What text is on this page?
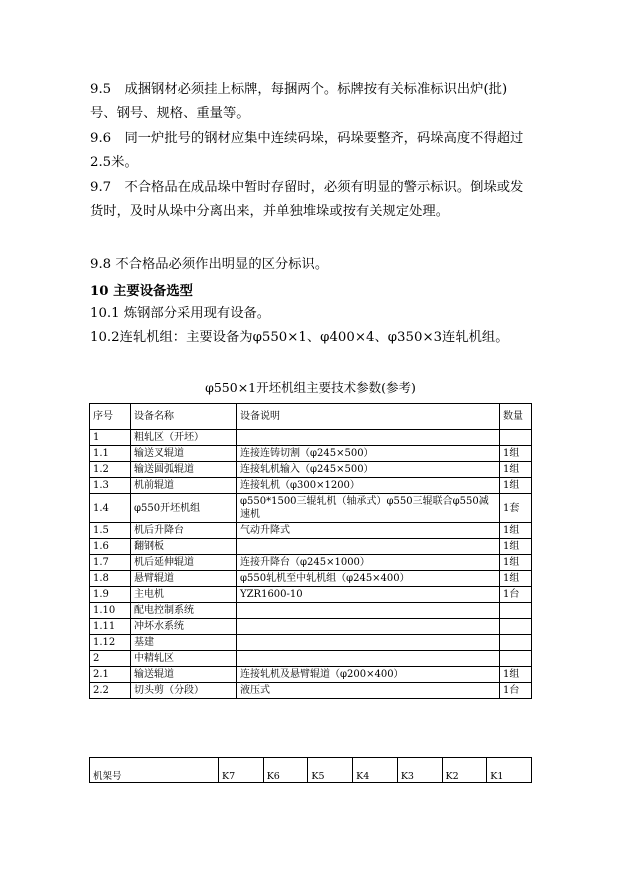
9.5　成捆钢材必须挂上标牌，每捆两个。标牌按有关标准标识出炉(批)号、钢号、规格、重量等。
9.6　同一炉批号的钢材应集中连续码垛，码垛要整齐，码垛高度不得超过2.5米。
9.7　不合格品在成品垛中暂时存留时，必须有明显的警示标识。倒垛或发货时，及时从垛中分离出来，并单独堆垛或按有关规定处理。
9.8 不合格品必须作出明显的区分标识。
10 主要设备选型
10.1 炼钢部分采用现有设备。
10.2连轧机组：主要设备为φ550×1、φ400×4、φ350×3连轧机组。
φ550×1开坯机组主要技术参数(参考)
序号	设备名称	设备说明	数量
1	粗轧区（开坯）		
1.1	输送叉辊道	连接连铸切割（φ245×500）	1组
1.2	输送圆弧辊道	连接轧机输入（φ245×500）	1组
1.3	机前辊道	连接轧机（φ300×1200）	1组
1.4	φ550开坯机组	φ550*1500三辊轧机（轴承式）φ550三辊联合φ550减速机	1套
1.5	机后升降台	气动升降式	1组
1.6	翻钢板		1组
1.7	机后延伸辊道	连接升降台（φ245×1000）	1组
1.8	悬臂辊道	φ550轧机至中轧机组（φ245×400）	1组
1.9	主电机	YZR1600-10	1台
1.10	配电控制系统		
1.11	冲坏水系统		
1.12	基建		
2	中精轧区		
2.1	输送辊道	连接轧机及悬臂辊道（φ200×400）	1组
2.2	切头剪（分段）	液压式	1台
机架号	K7	K6	K5	K4	K3	K2	K1
